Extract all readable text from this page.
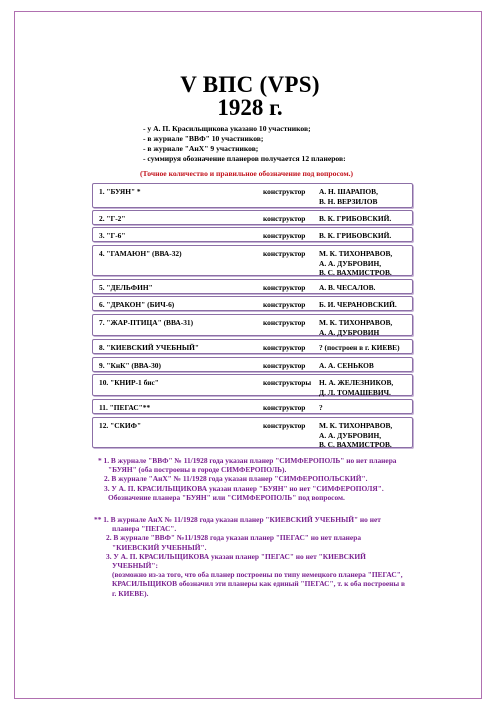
V ВПС (VPS)
1928 г.
- у А. П. Красильщикова указано 10 участников;
- в журнале "ВВФ" 10 участников;
- в журнале "АнХ" 9 участников;
- суммируя обозначение планеров получается 12 планеров:
(Точное количество и правильное обозначение под вопросом.)
1. "БУЯН" *	конструктор А. Н. ШАРАПОВ,
В. Н. ВЕРЗИЛОВ
2. "Г-2"	конструктор В. К. ГРИБОВСКИЙ.
3. "Г-6"	конструктор В. К. ГРИБОВСКИЙ.
4. "ГАМАЮН" (ВВА-32)	конструктор М. К. ТИХОНРАВОВ,
А. А. ДУБРОВИН,
В. С. ВАХМИСТРОВ.
5. "ДЕЛЬФИН"	конструктор А. В. ЧЕСАЛОВ.
6. "ДРАКОН" (БИЧ-6)	конструктор Б. И. ЧЕРАНОВСКИЙ.
7. "ЖАР-ПТИЦА" (ВВА-31)	конструктор М. К. ТИХОНРАВОВ,
А. А. ДУБРОВИН
8. "КИЕВСКИЙ УЧЕБНЫЙ"	конструктор ? (построен в г. КИЕВЕ)
9. "КнК" (ВВА-30)	конструктор А. А. СЕНЬКОВ
10. "КНИР-1 бис"	конструкторы Н. А. ЖЕЛЕЗНИКОВ,
Д. Л. ТОМАШЕВИЧ.
11. "ПЕГАС"**	конструктор ?
12. "СКИФ"	конструктор М. К. ТИХОНРАВОВ,
А. А. ДУБРОВИН,
В. С. ВАХМИСТРОВ.
* 1. В журнале "ВВФ" № 11/1928 года указан планер "СИМФЕРОПОЛЬ" но нет планера
"БУЯН" (оба построены в городе СИМФЕРОПОЛЬ).
2. В журнале "АнХ" № 11/1928 года указан планер "СИМФЕРОПОЛЬСКИЙ".
3. У А. П. КРАСИЛЬЩИКОВА указан планер "БУЯН" но нет "СИМФЕРОПОЛЯ".
Обозначение планера "БУЯН" или "СИМФЕРОПОЛЬ" под вопросом.
** 1. В журнале АнХ № 11/1928 года указан планер "КИЕВСКИЙ УЧЕБНЫЙ" но нет
планера "ПЕГАС".
2. В журнале "ВВФ" №11/1928 года указан планер "ПЕГАС" но нет планера
"КИЕВСКИЙ УЧЕБНЫЙ".
3. У А. П. КРАСИЛЬЩИКОВА указан планер "ПЕГАС" но нет "КИЕВСКИЙ
УЧЕБНЫЙ":
(возможно из-за того, что оба планер построены по типу немецкого планера "ПЕГАС",
КРАСИЛЬЩИКОВ обозначил эти планеры как единый "ПЕГАС", т. к оба построены в
г. КИЕВЕ).
